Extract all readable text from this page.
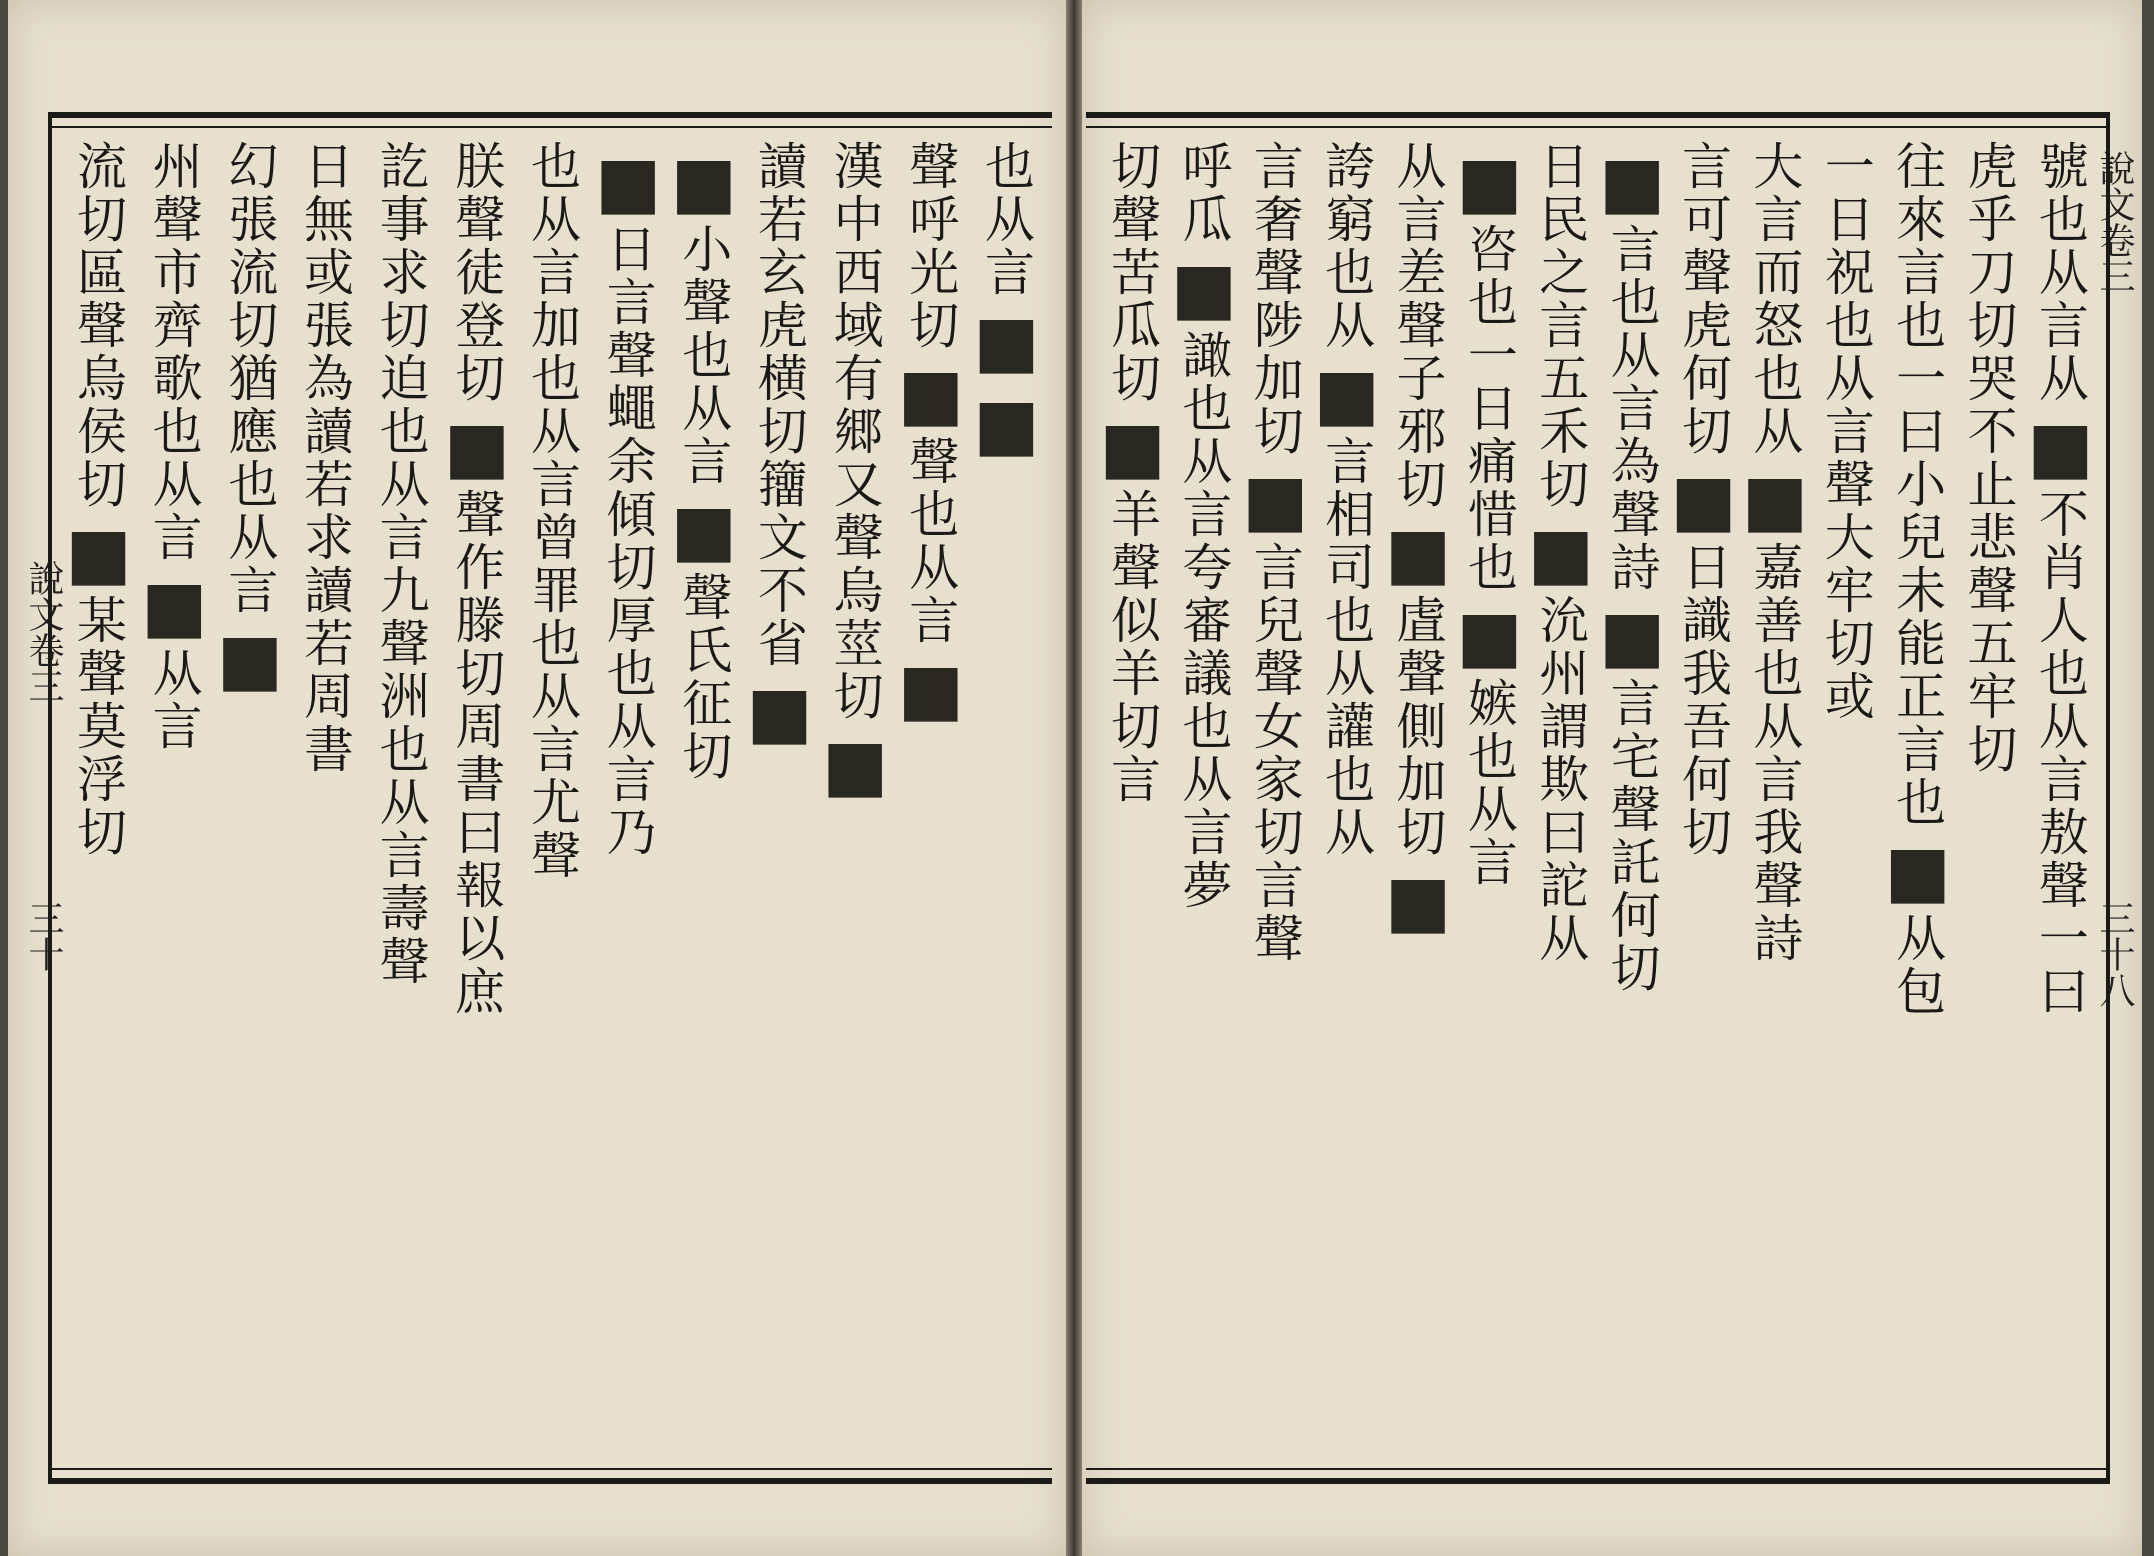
說文卷三
三十
也从言■■
聲呼光切■聲也从言■
漢中西域有郷又聲烏莖切■
讀若玄虎横切籒文不省■
■小聲也从言■聲氏征切
■日言聲蠅余傾切厚也从言乃
也从言加也从言曾罪也从言尤聲
朕聲徒登切■聲作滕切周書曰報以庶
訖事求切迫也从言九聲洲也从言壽聲
日無或張為讀若求讀若周書
幻張流切猶應也从言■
州聲市齊歌也从言■从言
流切區聲烏侯切■某聲莫浮切
說文卷三
三十八
號也从言从■不肖人也从言敖聲一曰
虎乎刀切哭不止悲聲五牢切
往來言也一曰小兒未能正言也■从包
一日祝也从言聲大牢切或
大言而怒也从■嘉善也从言我聲詩
言可聲虎何切■日識我吾何切
■言也从言為聲詩■言宅聲託何切
日民之言五禾切■沇州謂欺曰詑从
■咨也一日痛惜也■嫉也从言
从言差聲子邪切■虘聲側加切■
誇窮也从■言相司也从讙也从
言奢聲陟加切■言兒聲女家切言聲
呼瓜■譀也从言夸審議也从言夢
切聲苦瓜切■羊聲似羊切言
